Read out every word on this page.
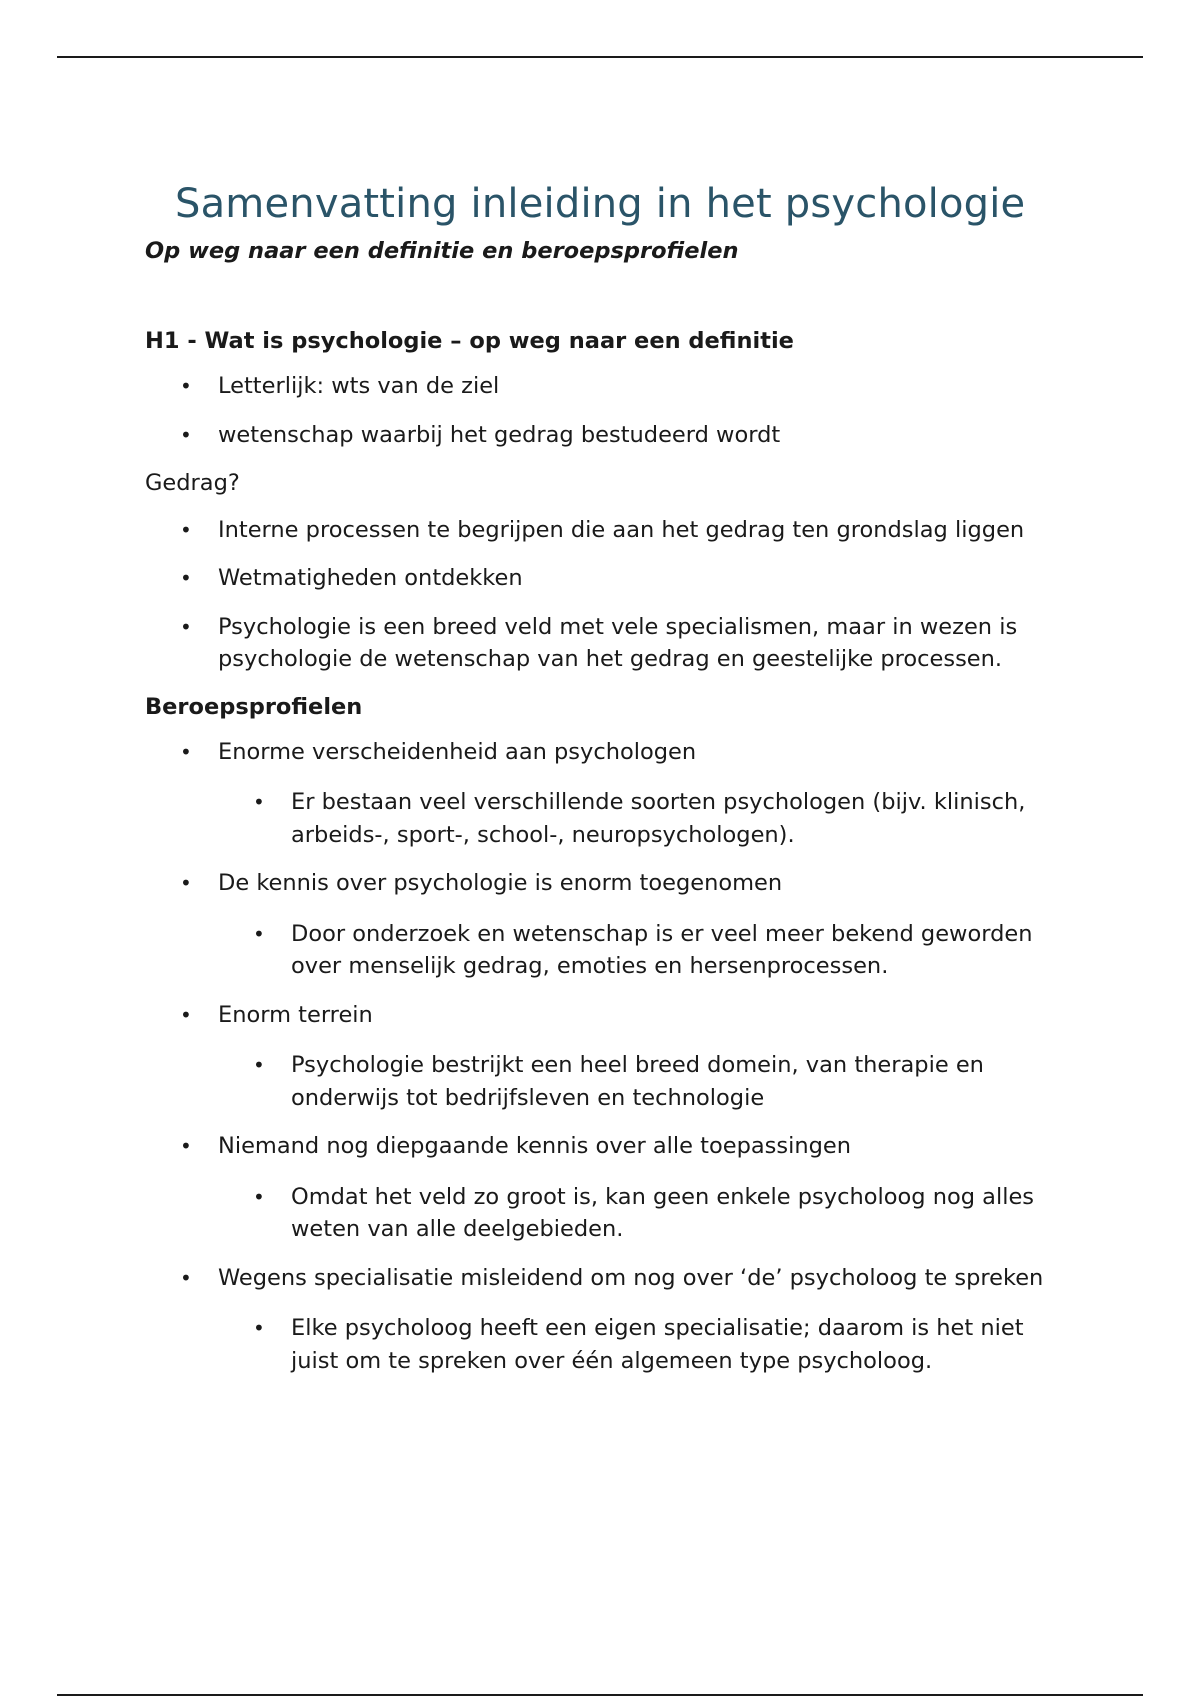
Samenvatting inleiding in het psychologie
Op weg naar een definitie en beroepsprofielen
H1 - Wat is psychologie – op weg naar een definitie
• Letterlijk: wts van de ziel
• wetenschap waarbij het gedrag bestudeerd wordt

Gedrag?

• Interne processen te begrijpen die aan het gedrag ten grondslag liggen
• Wetmatigheden ontdekken
• Psychologie is een breed veld met vele specialismen, maar in wezen is psychologie de wetenschap van het gedrag en geestelijke processen.
Beroepsprofielen
• Enorme verscheidenheid aan psychologen
• Er bestaan veel verschillende soorten psychologen (bijv. klinisch, arbeids-, sport-, school-, neuropsychologen).
• De kennis over psychologie is enorm toegenomen
• Door onderzoek en wetenschap is er veel meer bekend geworden over menselijk gedrag, emoties en hersenprocessen.
• Enorm terrein
• Psychologie bestrijkt een heel breed domein, van therapie en onderwijs tot bedrijfsleven en technologie
• Niemand nog diepgaande kennis over alle toepassingen
• Omdat het veld zo groot is, kan geen enkele psycholoog nog alles weten van alle deelgebieden.
• Wegens specialisatie misleidend om nog over ‘de’ psycholoog te spreken
• Elke psycholoog heeft een eigen specialisatie; daarom is het niet juist om te spreken over één algemeen type psycholoog.
